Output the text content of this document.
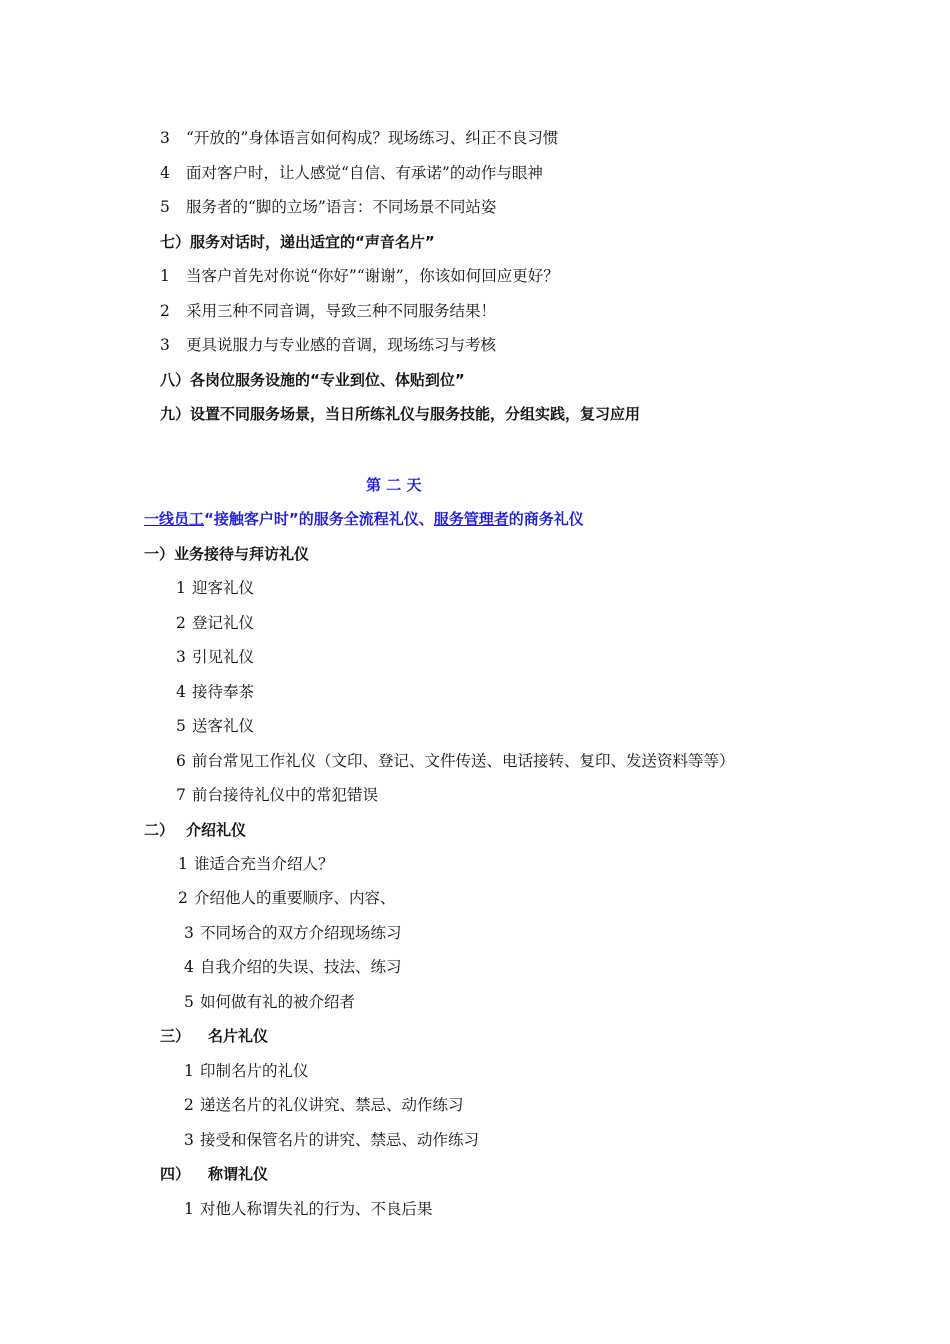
3 “开放的”身体语言如何构成？现场练习、纠正不良习惯
4 面对客户时，让人感觉“自信、有承诺”的动作与眼神
5 服务者的“脚的立场”语言：不同场景不同站姿
七）服务对话时，递出适宜的“声音名片”
1 当客户首先对你说“你好”“谢谢”，你该如何回应更好？
2 采用三种不同音调，导致三种不同服务结果！
3 更具说服力与专业感的音调，现场练习与考核
八）各岗位服务设施的“专业到位、体贴到位”
九）设置不同服务场景，当日所练礼仪与服务技能，分组实践，复习应用
第 二 天
一线员工“接触客户时”的服务全流程礼仪、服务管理者的商务礼仪
一）业务接待与拜访礼仪
1 迎客礼仪
2 登记礼仪
3 引见礼仪
4 接待奉茶
5 送客礼仪
6 前台常见工作礼仪（文印、登记、文件传送、电话接转、复印、发送资料等等）
7 前台接待礼仪中的常犯错误
二） 介绍礼仪
1 谁适合充当介绍人？
2 介绍他人的重要顺序、内容、
3 不同场合的双方介绍现场练习
4 自我介绍的失误、技法、练习
5 如何做有礼的被介绍者
三） 名片礼仪
1 印制名片的礼仪
2 递送名片的礼仪讲究、禁忌、动作练习
3 接受和保管名片的讲究、禁忌、动作练习
四） 称谓礼仪
1 对他人称谓失礼的行为、不良后果
